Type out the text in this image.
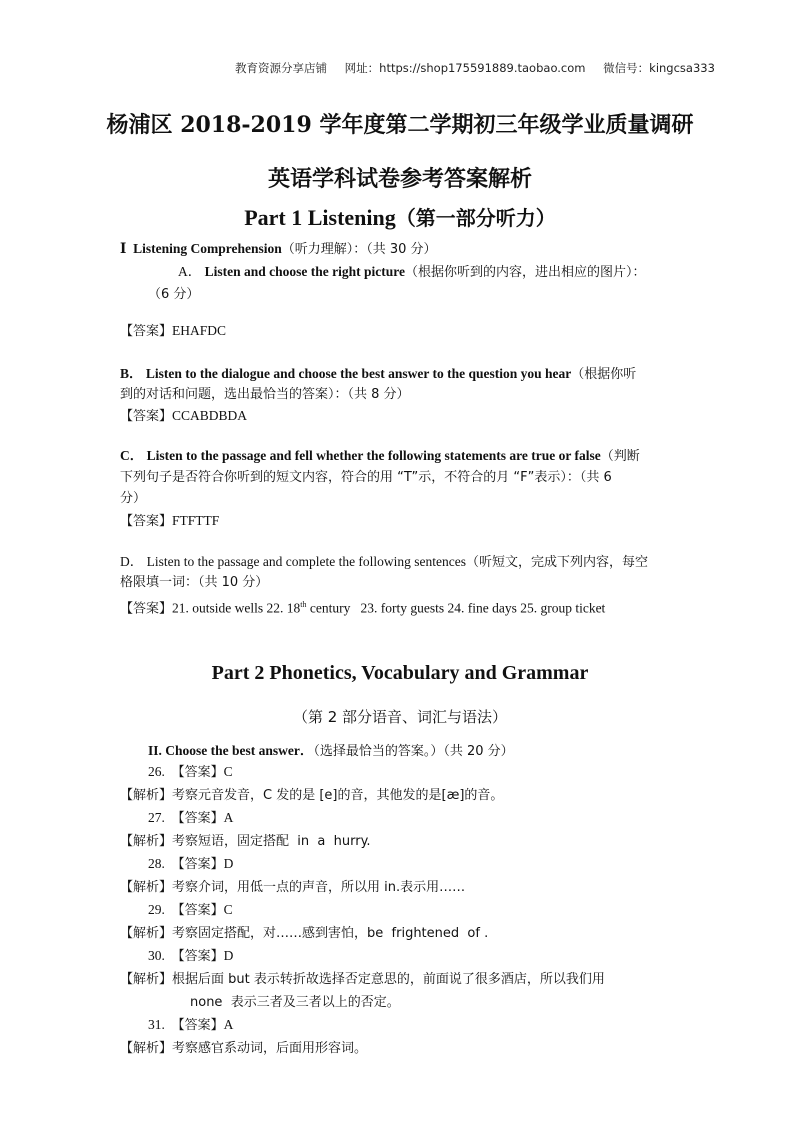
教育资源分享店铺 网址：https://shop175591889.taobao.com 微信号：kingcsa333
杨浦区 2018-2019 学年度第二学期初三年级学业质量调研
英语学科试卷参考答案解析
Part 1 Listening（第一部分听力）
Ⅰ Listening Comprehension（听力理解）：（共 30 分）
A． Listen and choose the right picture（根据你听到的内容，进出相应的图片）：
（6 分）
【答案】EHAFDC
B． Listen to the dialogue and choose the best answer to the question you hear（根据你听
到的对话和问题，选出最恰当的答案）：（共 8 分）
【答案】CCABDBDA
C． Listen to the passage and fell whether the following statements are true or false（判断
下列句子是否符合你听到的短文内容，符合的用 “T”示，不符合的月 “F”表示）：（共 6
分）
【答案】FTFTTF
D． Listen to the passage and complete the following sentences（听短文，完成下列内容，每空
格限填一词：（共 10 分）
【答案】21. outside wells 22. 18th century   23. forty guests 24. fine days 25. group ticket
Part 2 Phonetics, Vocabulary and Grammar
（第 2 部分语音、词汇与语法）
II. Choose the best answer．（选择最恰当的答案。）（共 20 分）
26. 【答案】C
【解析】考察元音发音，C 发的是 [e]的音，其他发的是[æ]的音。
27. 【答案】A
【解析】考察短语，固定搭配  in  a  hurry.
28. 【答案】D
【解析】考察介词，用低一点的声音，所以用 in.表示用……
29. 【答案】C
【解析】考察固定搭配，对……感到害怕，be  frightened  of .
30. 【答案】D
【解析】根据后面 but 表示转折故选择否定意思的，前面说了很多酒店，所以我们用
none  表示三者及三者以上的否定。
31. 【答案】A
【解析】考察感官系动词，后面用形容词。
